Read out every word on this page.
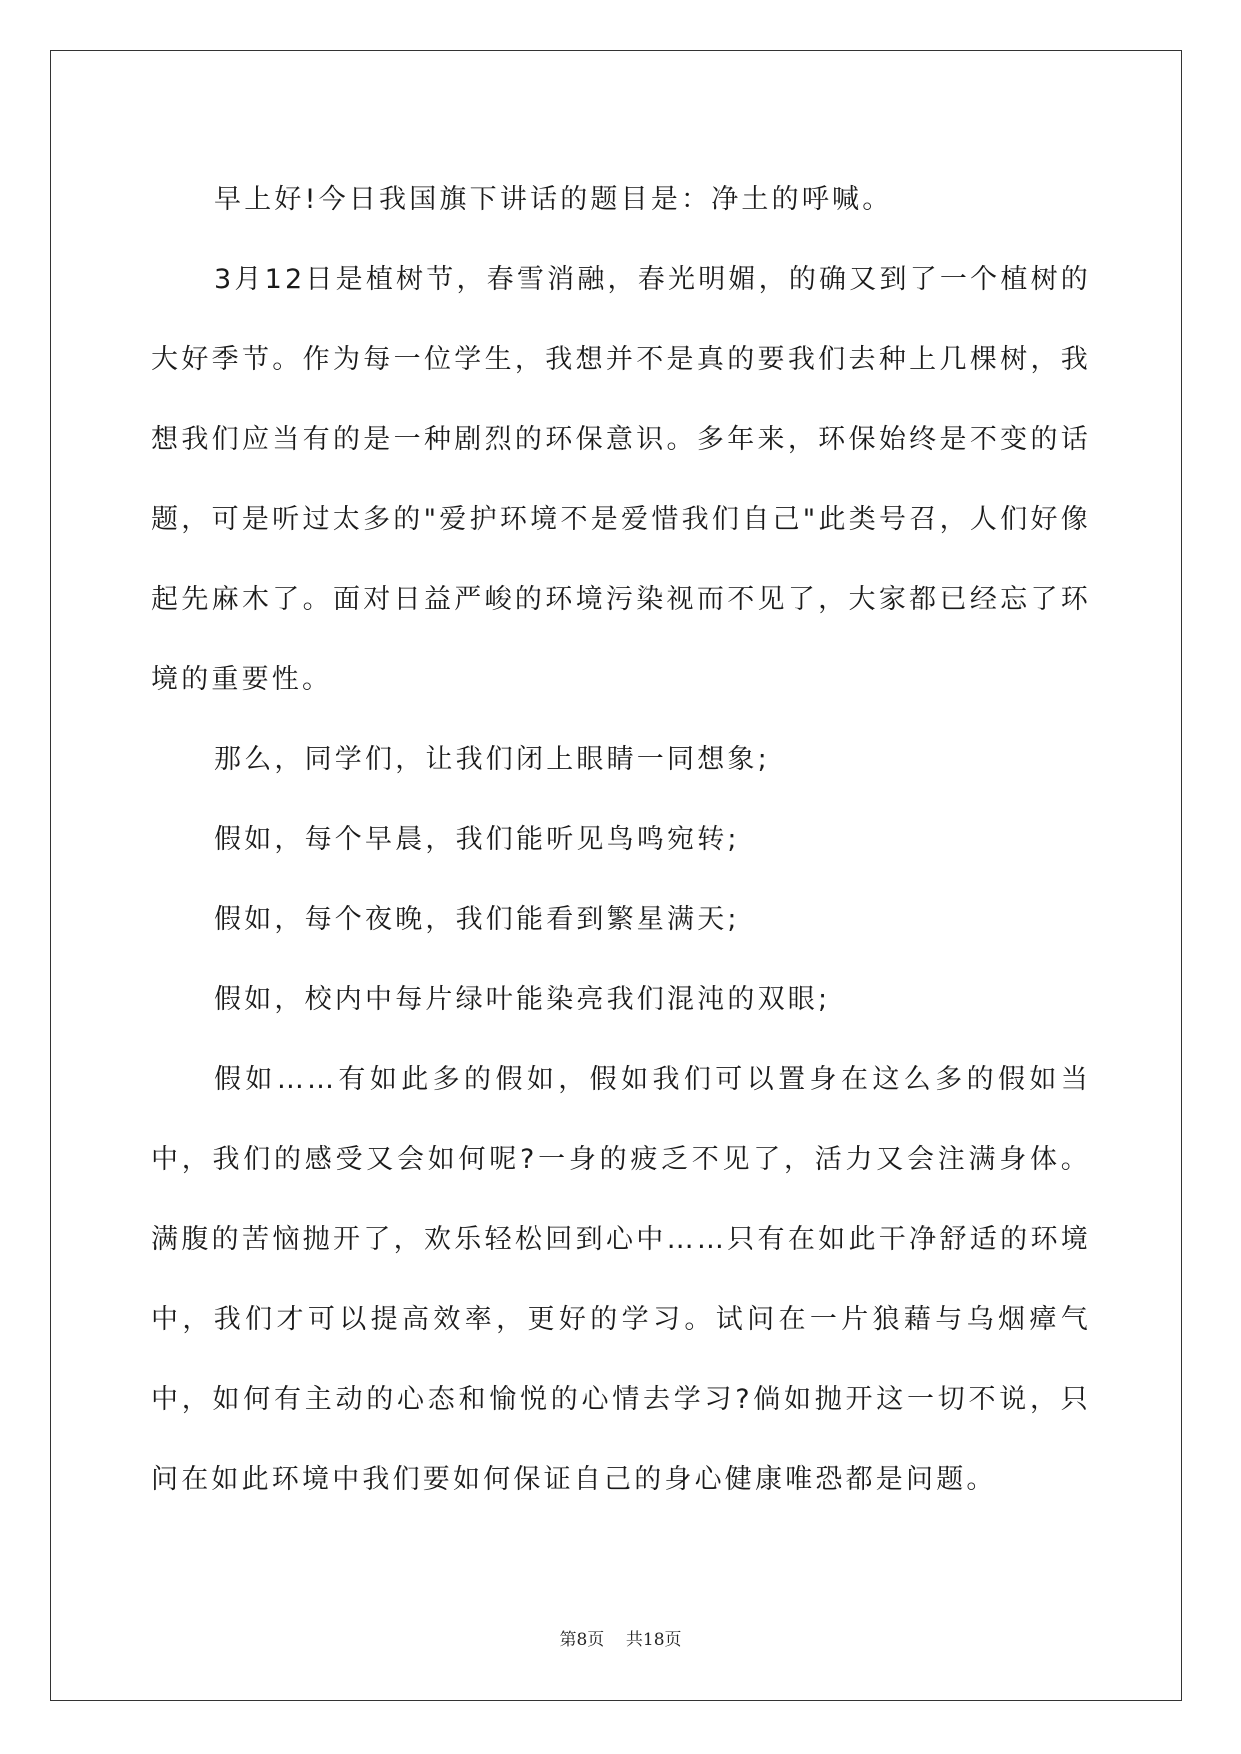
早上好!今日我国旗下讲话的题目是：净土的呼喊。

3月12日是植树节，春雪消融，春光明媚，的确又到了一个植树的大好季节。作为每一位学生，我想并不是真的要我们去种上几棵树，我想我们应当有的是一种剧烈的环保意识。多年来，环保始终是不变的话题，可是听过太多的"爱护环境不是爱惜我们自己"此类号召，人们好像起先麻木了。面对日益严峻的环境污染视而不见了，大家都已经忘了环境的重要性。

那么，同学们，让我们闭上眼睛一同想象;

假如，每个早晨，我们能听见鸟鸣宛转;

假如，每个夜晚，我们能看到繁星满天;

假如，校内中每片绿叶能染亮我们混沌的双眼;

假如……有如此多的假如，假如我们可以置身在这么多的假如当中，我们的感受又会如何呢?一身的疲乏不见了，活力又会注满身体。满腹的苦恼抛开了，欢乐轻松回到心中……只有在如此干净舒适的环境中，我们才可以提高效率，更好的学习。试问在一片狼藉与乌烟瘴气中，如何有主动的心态和愉悦的心情去学习?倘如抛开这一切不说，只问在如此环境中我们要如何保证自己的身心健康唯恐都是问题。

第8页 共18页
